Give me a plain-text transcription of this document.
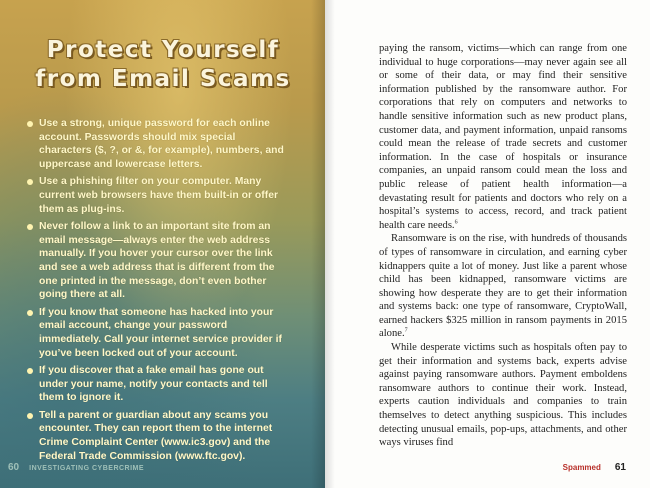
Protect Yourself
from Email Scams
Use a strong, unique password for each online account. Passwords should mix special characters ($, ?, or &, for example), numbers, and uppercase and lowercase letters.
Use a phishing filter on your computer. Many current web browsers have them built-in or offer them as plug-ins.
Never follow a link to an important site from an email message—always enter the web address manually. If you hover your cursor over the link and see a web address that is different from the one printed in the message, don’t even bother going there at all.
If you know that someone has hacked into your email account, change your password immediately. Call your internet service provider if you’ve been locked out of your account.
If you discover that a fake email has gone out under your name, notify your contacts and tell them to ignore it.
Tell a parent or guardian about any scams you encounter. They can report them to the internet Crime Complaint Center (www.ic3.gov) and the Federal Trade Commission (www.ftc.gov).
60 INVESTIGATING CYBERCRIME

paying the ransom, victims—which can range from one individual to huge corporations—may never again see all or some of their data, or may find their sensitive information published by the ransomware author. For corporations that rely on computers and networks to handle sensitive information such as new product plans, customer data, and payment information, unpaid ransoms could mean the release of trade secrets and customer information. In the case of hospitals or insurance companies, an unpaid ransom could mean the loss and public release of patient health information—a devastating result for patients and doctors who rely on a hospital’s systems to access, record, and track patient health care needs.$^6$

Ransomware is on the rise, with hundreds of thousands of types of ransomware in circulation, and earning cyber kidnappers quite a lot of money. Just like a parent whose child has been kidnapped, ransomware victims are showing how desperate they are to get their information and systems back: one type of ransomware, CryptoWall, earned hackers $325 million in ransom payments in 2015 alone.$^7$

While desperate victims such as hospitals often pay to get their information and systems back, experts advise against paying ransomware authors. Payment emboldens ransomware authors to continue their work. Instead, experts caution individuals and companies to train themselves to detect anything suspicious. This includes detecting unusual emails, pop-ups, attachments, and other ways viruses find

Spammed 61
